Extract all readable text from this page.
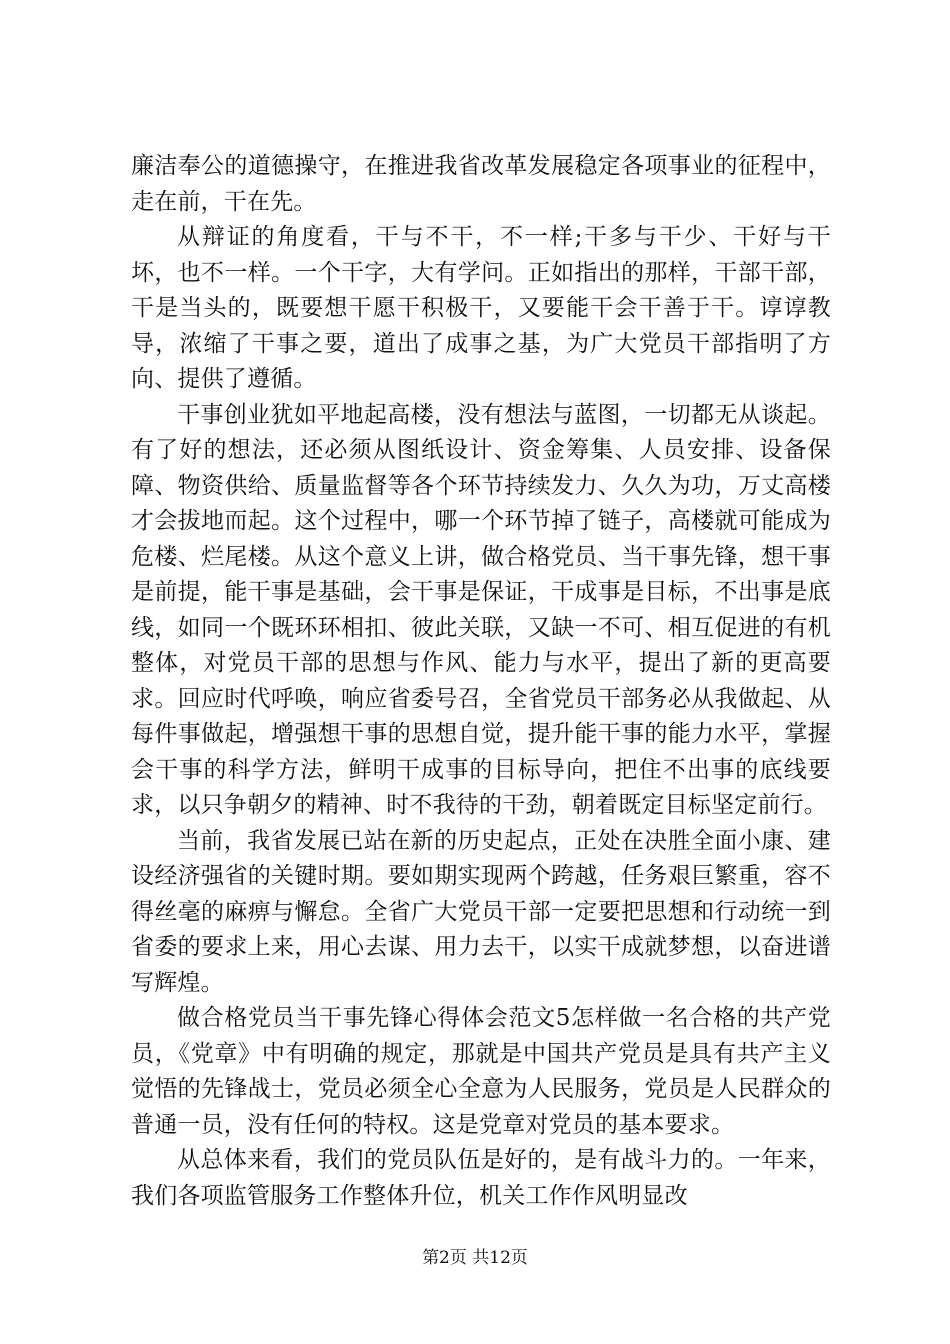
廉洁奉公的道德操守，在推进我省改革发展稳定各项事业的征程中，走在前，干在先。

从辩证的角度看，干与不干，不一样;干多与干少、干好与干坏，也不一样。一个干字，大有学问。正如指出的那样，干部干部，干是当头的，既要想干愿干积极干，又要能干会干善于干。谆谆教导，浓缩了干事之要，道出了成事之基，为广大党员干部指明了方向、提供了遵循。

干事创业犹如平地起高楼，没有想法与蓝图，一切都无从谈起。有了好的想法，还必须从图纸设计、资金筹集、人员安排、设备保障、物资供给、质量监督等各个环节持续发力、久久为功，万丈高楼才会拔地而起。这个过程中，哪一个环节掉了链子，高楼就可能成为危楼、烂尾楼。从这个意义上讲，做合格党员、当干事先锋，想干事是前提，能干事是基础，会干事是保证，干成事是目标，不出事是底线，如同一个既环环相扣、彼此关联，又缺一不可、相互促进的有机整体，对党员干部的思想与作风、能力与水平，提出了新的更高要求。回应时代呼唤，响应省委号召，全省党员干部务必从我做起、从每件事做起，增强想干事的思想自觉，提升能干事的能力水平，掌握会干事的科学方法，鲜明干成事的目标导向，把住不出事的底线要求，以只争朝夕的精神、时不我待的干劲，朝着既定目标坚定前行。

当前，我省发展已站在新的历史起点，正处在决胜全面小康、建设经济强省的关键时期。要如期实现两个跨越，任务艰巨繁重，容不得丝毫的麻痹与懈怠。全省广大党员干部一定要把思想和行动统一到省委的要求上来，用心去谋、用力去干，以实干成就梦想，以奋进谱写辉煌。

做合格党员当干事先锋心得体会范文5怎样做一名合格的共产党员，《党章》中有明确的规定，那就是中国共产党员是具有共产主义觉悟的先锋战士，党员必须全心全意为人民服务，党员是人民群众的普通一员，没有任何的特权。这是党章对党员的基本要求。

从总体来看，我们的党员队伍是好的，是有战斗力的。一年来，我们各项监管服务工作整体升位，机关工作作风明显改

第2页 共12页
